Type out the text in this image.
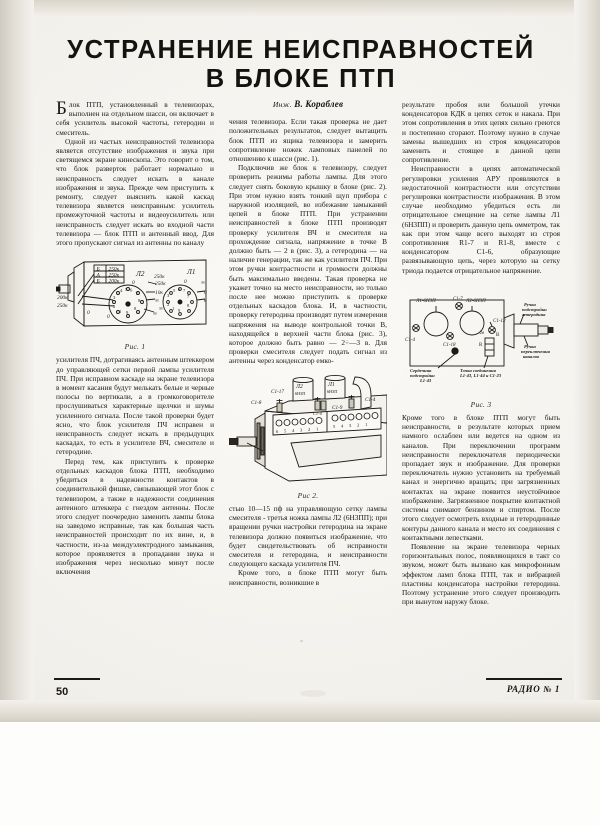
УСТРАНЕНИЕ НЕИСПРАВНОСТЕЙ
В БЛОКЕ ПТП

Блок ПТП, установленный в телевизорах, выполнен на отдельном шасси, он включает в себя усилитель высокой частоты, гетеродин и смеситель.

Одной из частых неисправностей телевизора является отсутствие изображения и звука при светящемся экране кинескопа. Это говорит о том, что блок разверток работает нормально и неисправность следует искать в канале изображения и звука. Прежде чем приступить к ремонту, следует выяснить какой каскад телевизора является неисправным: усилитель промежуточной частоты и видеоусилитель или неисправность следует искать во входной части телевизора — блок ПТП и антенный ввод. Для этого пропускают сигнал из антенны по каналу

Б
А
Б
250к
250к
200к
200к
250к
Л2	Л1
250к
250к
10к
∞
∞
0
0
0
0
к
∞
∞
0
4 5 6
7
8
8
9
1
2
3
5 6 7
7
8
9
1
2
3
Рис. 1

усилителя ПЧ, дотрагиваясь антенным штеккером до управляющей сетки первой лампы усилителя ПЧ. При исправном каскаде на экране телевизора в момент касания будут мелькать белые и черные полосы по вертикали, а в громкоговорителе прослушиваться характерные щелчки и шумы усиленного сигнала. После такой проверки будет ясно, что блок усилителя ПЧ исправен и неисправность следует искать в предыдущих каскадах, то есть в усилителе ВЧ, смесителе и гетеродине.

Перед тем, как приступить к проверке отдельных каскадов блока ПТП, необходимо убедиться в надежности контактов в соединительной фишке, связывающей этот блок с телевизором, а также в надежности соединения антенного штеккера с гнездом антенны. После этого следует поочередно заменить лампы блока на заведомо исправные, так как большая часть неисправностей происходит по их вине, и, в частности, из-за междуэлектродного замыкания, которое проявляется в пропадании звука и изображения через несколько минут после включения

Инж. В. Кораблев

чения телевизора. Если такая проверка не дает положительных результатов, следует вытащить блок ПТП из ящика телевизора и замерить сопротивление ножек ламповых панелей по отношению к шасси (рис. 1).

Подключив же блок к телевизору, следует проверить режимы работы лампы. Для этого следует снять боковую крышку в блоке (рис. 2). При этом нужно взять тонкий щуп прибора с наружной изоляцией, во избежание замыканий цепей в блоке ПТП. При устранении неисправностей в блоке ПТП производят проверку усилителя ВЧ и смесителя на прохождение сигнала, напряжение в точке В должно быть — 2 в (рис. 3), а гетеродина — на наличие генерации, так же как усилителя ПЧ. При этом ручки контрастности и громкости должны быть максимально введены. Такая проверка не укажет точно на место неисправности, но только после нее можно приступить к проверке отдельных каскадов блока. И, в частности, проверку гетеродина производят путем измерения напряжения на выводе контрольной точки В, находящейся в верхней части блока (рис. 3), которое должно быть равно — 2÷—3 в. Для проверки смесителя следует подать сигнал из антенны через конденсатор емко-

C1-17
C1-8
C1-4
C1-9
C1-4
Л2	Л1
6Н3П	6Н3П
6 5 4 3 2 1	5 4 3 2 1
Рис 2.

стью 10—15 пф на управляющую сетку лампы смесителя - третья ножка лампы Л2 (6Н3ПП); при вращении ручки настройки гетеродина на экране телевизора должно появиться изображение, что будет свидетельствовать об исправности смесителя и гетеродина, и неисправности следующего каскада усилителя ПЧ.

Кроме того, в блоке ПТП могут быть неисправности, возникшие в

результате пробоя или большой утечки конденсаторов КДК в цепях сеток и накала. При этом сопротивления в этих цепях сильно греются и постепенно сгорают. Поэтому нужно в случае замены вышедших из строя конденсаторов заменить и стоящее в данной цепи сопротивление.

Неисправности в цепях автоматической регулировки усиления АРУ проявляются в недостаточной контрастности или отсутствии регулировки контрастности изображения. В этом случае необходимо убедиться есть ли отрицательное смещение на сетке лампы Л1 (6Н3ПП) и проверить данную цепь омметром, так как при этом чаще всего выходят из строя сопротивления R1-7 и R1-8, вместе с конденсатором C1-6, образующие развязывающую цепь, через которую на сетку триода подается отрицательное напряжение.

Л1-6Н3П	C1-7 Л2-6Н3П
C1-4
C1-18
C1-12
-2в B
R
Ручка
подстройки
гетеродина
Ручка
переключения
каналов
Сердечник
подстройки
L1-43
Точка соединения
L1-43, L1-44 и C1-23
Рис. 3

Кроме того в блоке ПТП могут быть неисправности, в результате которых прием намного ослаблен или ведется на одном из каналов. При переключении программ неисправности переключателя периодически пропадает звук и изображение. Для проверки переключатель нужно установить на требуемый канал и энергично вращать; при загрязненных контактах на экране появится неустойчивое изображение. Загрязненное покрытие контактной системы снимают бензином и спиртом. После этого следует осмотреть входные и гетеродинные контуры данного канала и место их соединения с контактными лепестками.

Появление на экране телевизора черных горизонтальных полос, появляющихся в такт со звуком, может быть вызвано как микрофонным эффектом ламп блока ПТП, так и вибрацией пластины конденсатора настройки гетеродина. Поэтому устранение этого следует производить при вынутом наружу блоке.

50	РАДИО № 1
